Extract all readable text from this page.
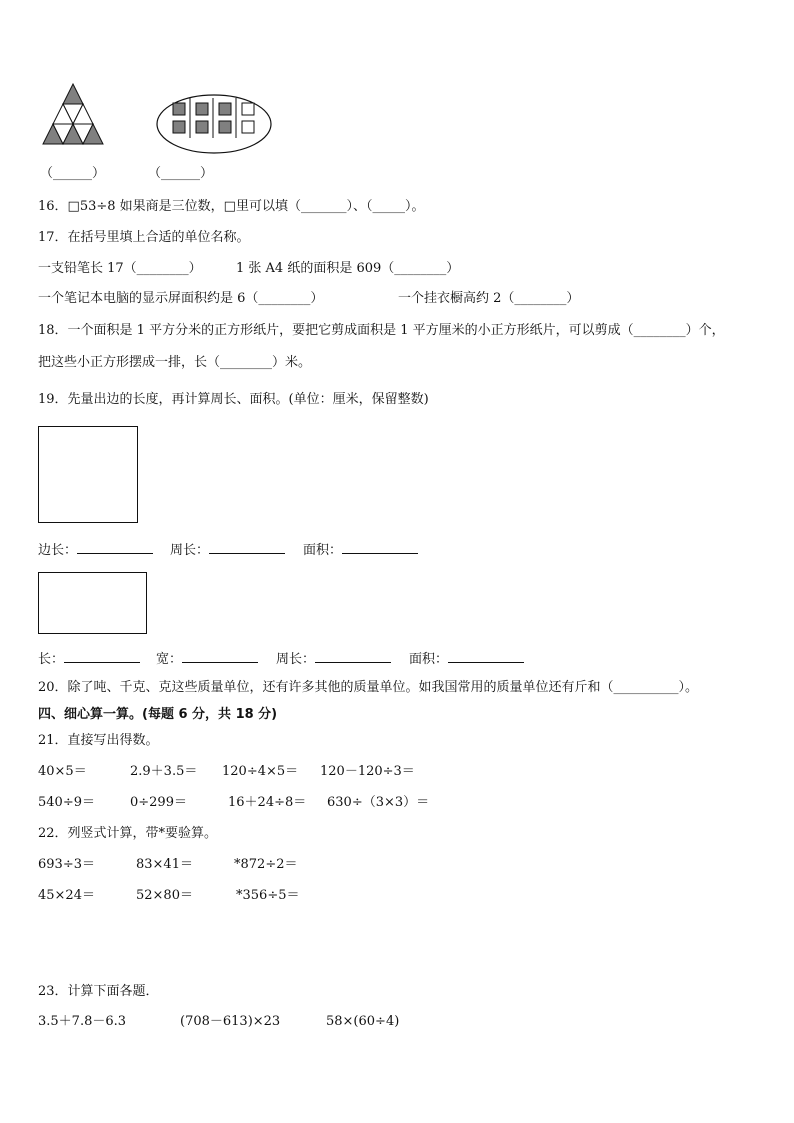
（______）	（______）
16．□53÷8 如果商是三位数，□里可以填（_______）、（_____）。
17．在括号里填上合适的单位名称。
一支铅笔长 17（________）	1 张 A4 纸的面积是 609（________）
一个笔记本电脑的显示屏面积约是 6（________）	一个挂衣橱高约 2（________）
18．一个面积是 1 平方分米的正方形纸片，要把它剪成面积是 1 平方厘米的小正方形纸片，可以剪成（________）个，
把这些小正方形摆成一排，长（________）米。
19．先量出边的长度，再计算周长、面积。(单位：厘米，保留整数)
边长：	周长：	面积：
长：	宽：	周长：	面积：
20．除了吨、千克、克这些质量单位，还有许多其他的质量单位。如我国常用的质量单位还有斤和（__________）。
四、细心算一算。(每题 6 分，共 18 分)
21．直接写出得数。
40×5＝	2.9＋3.5＝ 120÷4×5＝ 120－120÷3＝
540÷9＝	0÷299＝	16＋24÷8＝ 630÷（3×3）＝
22．列竖式计算，带*要验算。
693÷3＝	83×41＝	*872÷2＝
45×24＝	52×80＝	*356÷5＝
23．计算下面各题．
3.5＋7.8－6.3	(708－613)×23	58×(60÷4)
